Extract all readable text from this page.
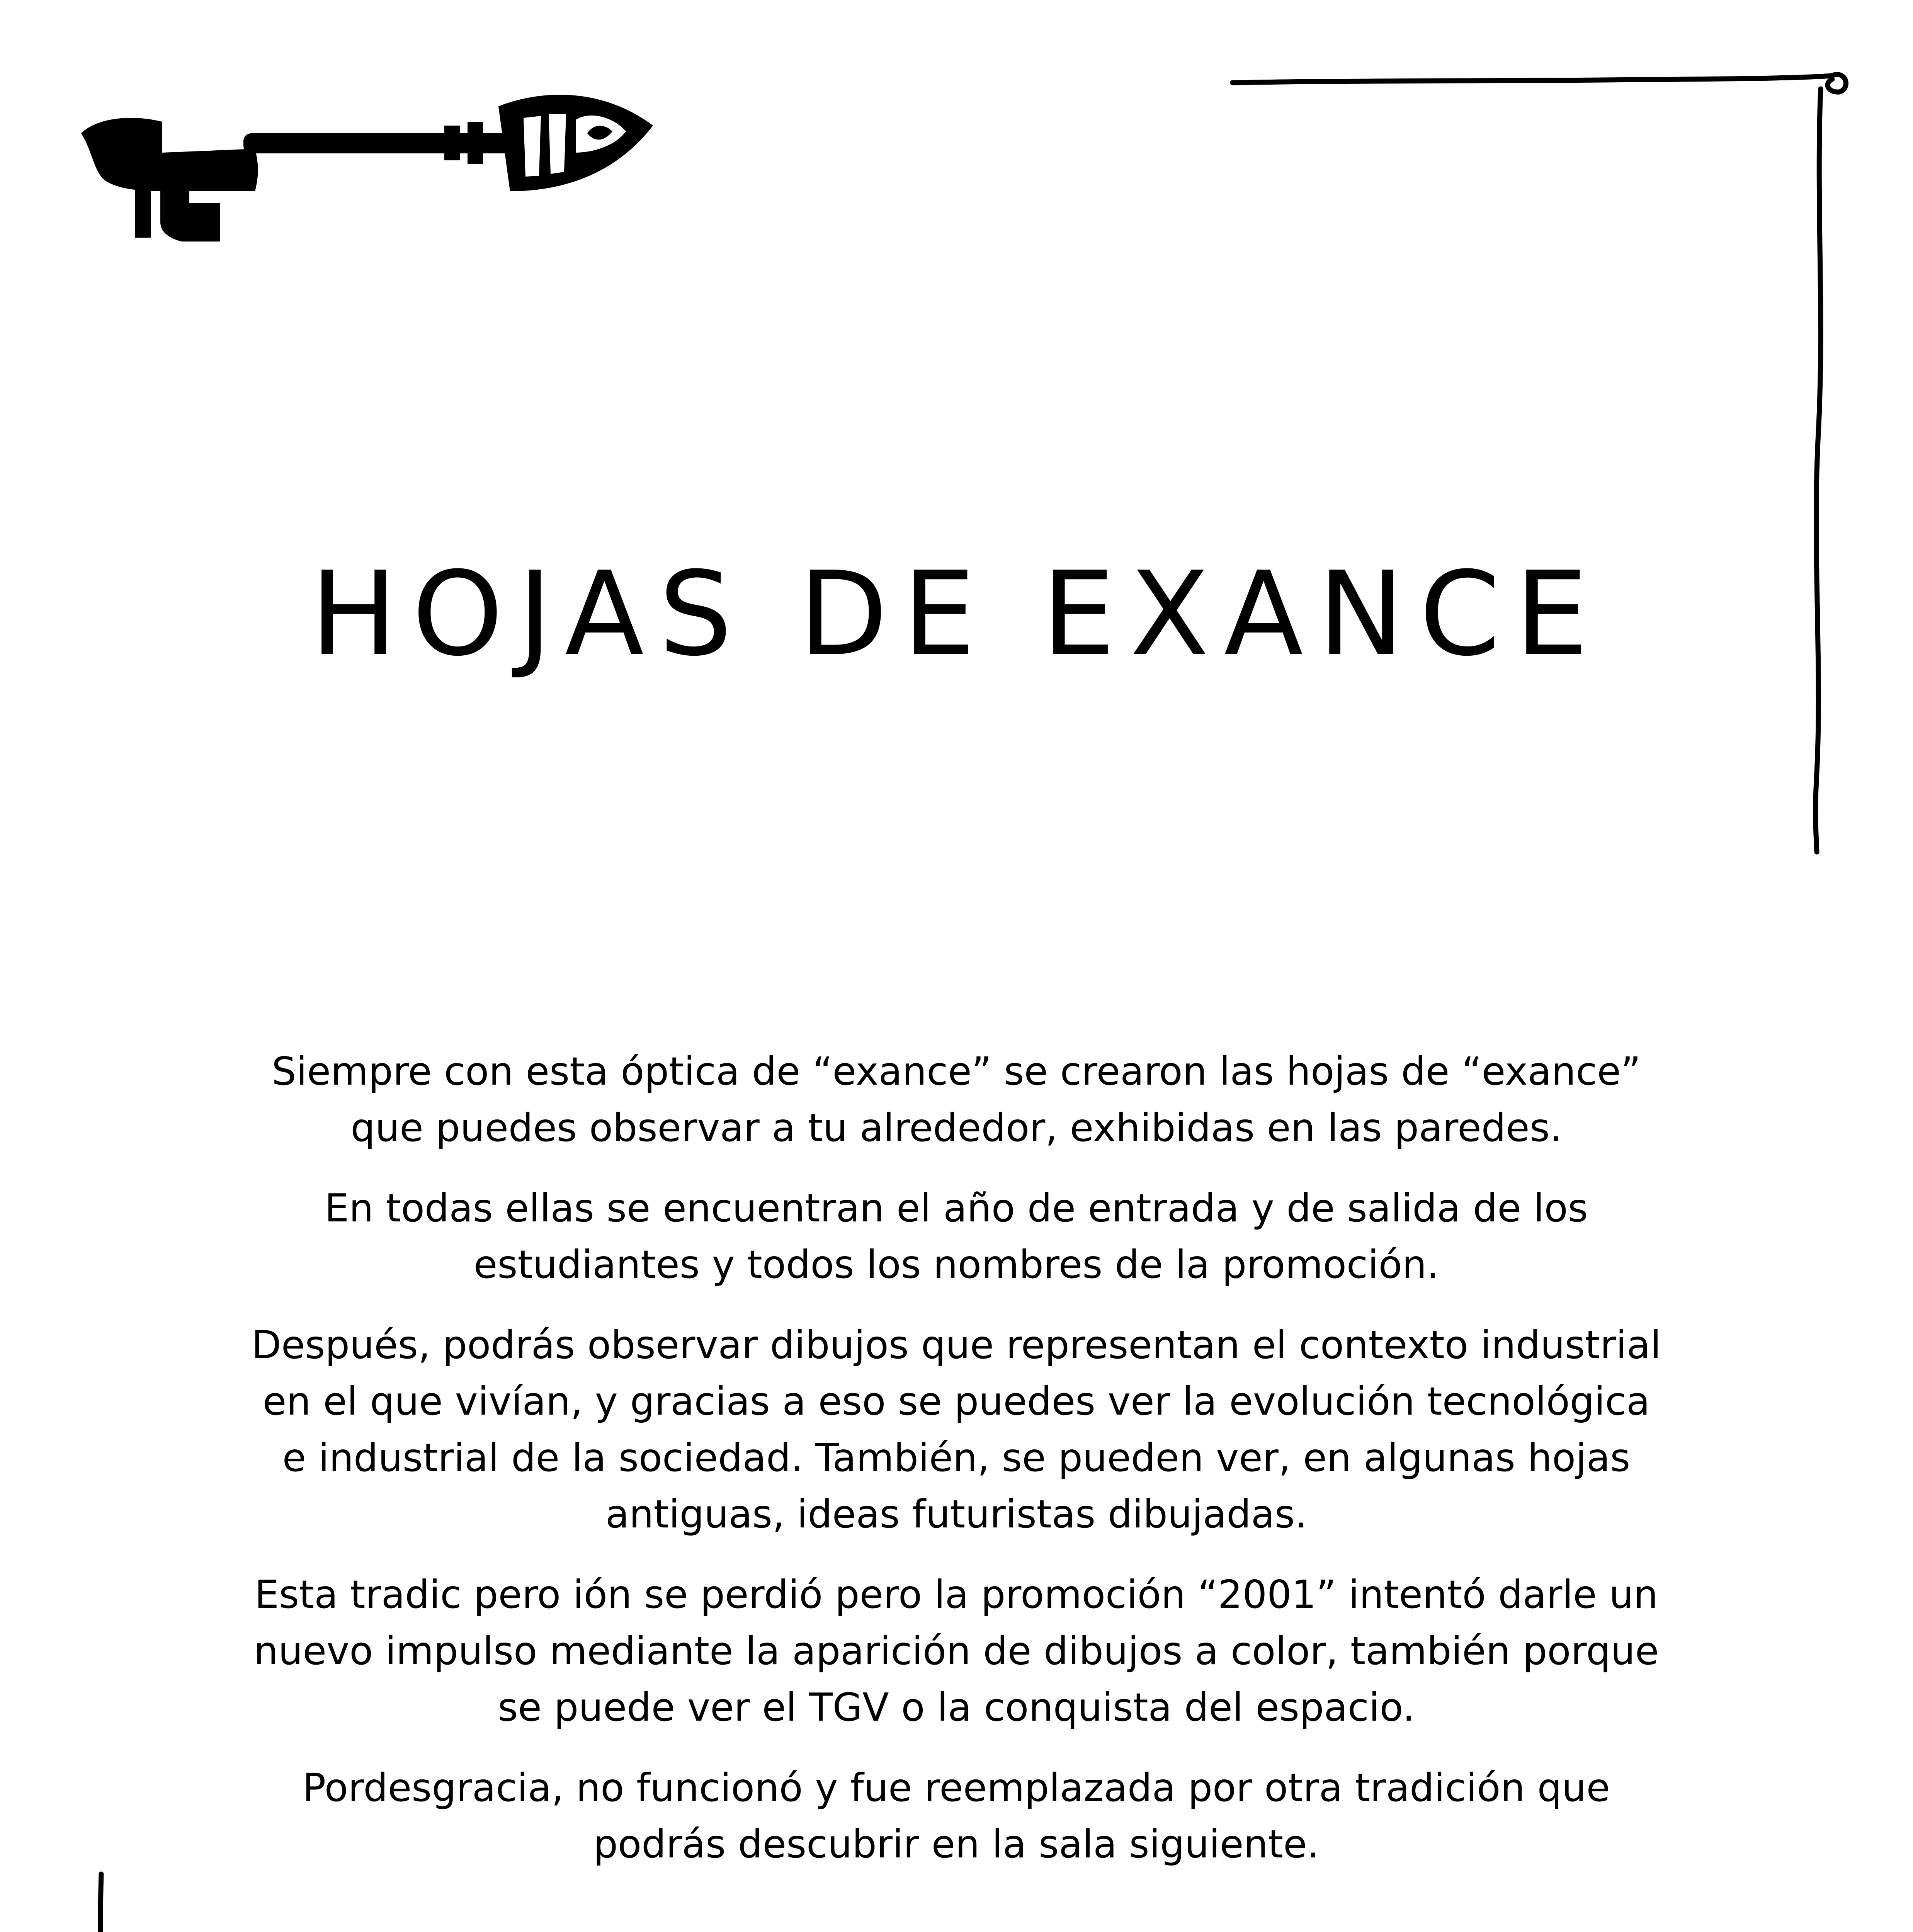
HOJAS DE EXANCE

Siempre con esta óptica de “exance” se crearon las hojas de “exance” que puedes observar a tu alrededor, exhibidas en las paredes.

En todas ellas se encuentran el año de entrada y de salida de los estudiantes y todos los nombres de la promoción.

Después, podrás observar dibujos que representan el contexto industrial en el que vivían, y gracias a eso se puedes ver la evolución tecnológica e industrial de la sociedad. También, se pueden ver, en algunas hojas antiguas, ideas futuristas dibujadas.

Esta tradic pero ión se perdió pero la promoción “2001” intentó darle un nuevo impulso mediante la aparición de dibujos a color, también porque se puede ver el TGV o la conquista del espacio.

Pordesgracia, no funcionó y fue reemplazada por otra tradición que podrás descubrir en la sala siguiente.
